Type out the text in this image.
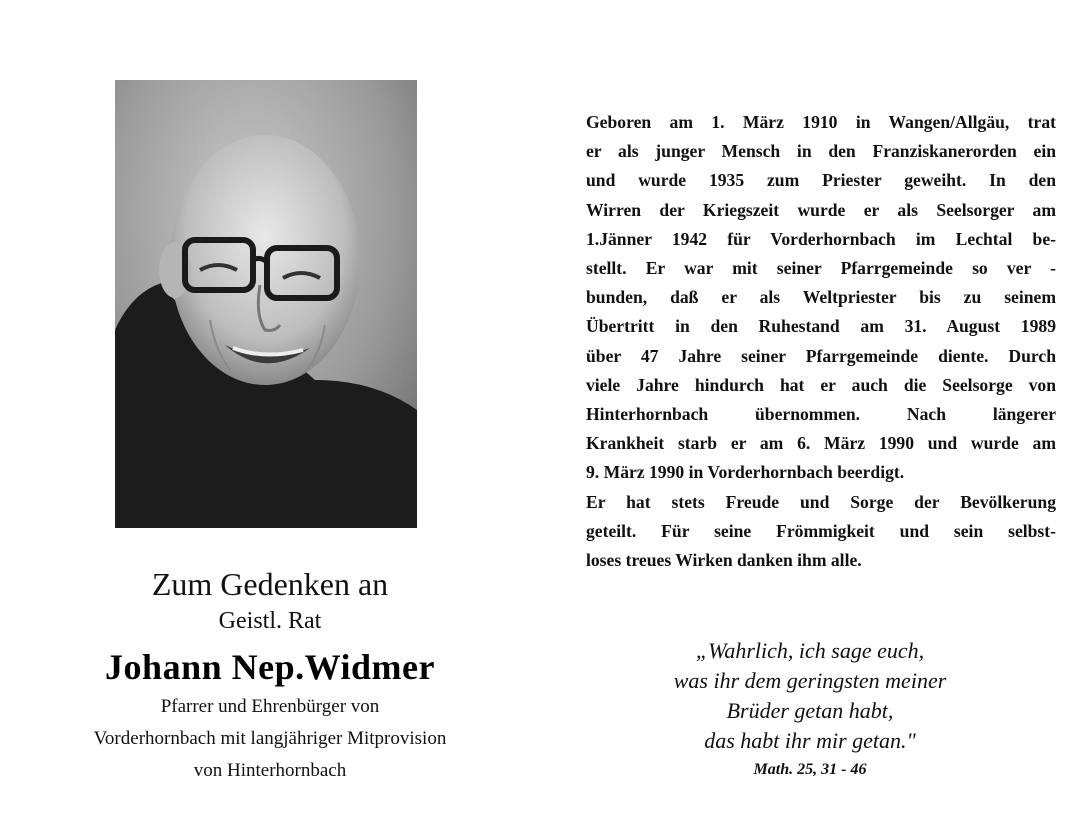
Zum Gedenken an
Geistl. Rat
Johann Nep.Widmer
Pfarrer und Ehrenbürger von
Vorderhornbach mit langjähriger Mitprovision
von Hinterhornbach
Geboren am 1. März 1910 in Wangen/Allgäu, trat
er als junger Mensch in den Franziskanerorden ein
und wurde 1935 zum Priester geweiht. In den
Wirren der Kriegszeit wurde er als Seelsorger am
1.Jänner 1942 für Vorderhornbach im Lechtal be-
stellt. Er war mit seiner Pfarrgemeinde so ver -
bunden, daß er als Weltpriester bis zu seinem
Übertritt in den Ruhestand am 31. August 1989
über 47 Jahre seiner Pfarrgemeinde diente. Durch
viele Jahre hindurch hat er auch die Seelsorge von
Hinterhornbach übernommen. Nach längerer
Krankheit starb er am 6. März 1990 und wurde am
9. März 1990 in Vorderhornbach beerdigt.
Er hat stets Freude und Sorge der Bevölkerung
geteilt. Für seine Frömmigkeit und sein selbst-
loses treues Wirken danken ihm alle.
„Wahrlich, ich sage euch,
was ihr dem geringsten meiner
Brüder getan habt,
das habt ihr mir getan."
Math. 25, 31 - 46
